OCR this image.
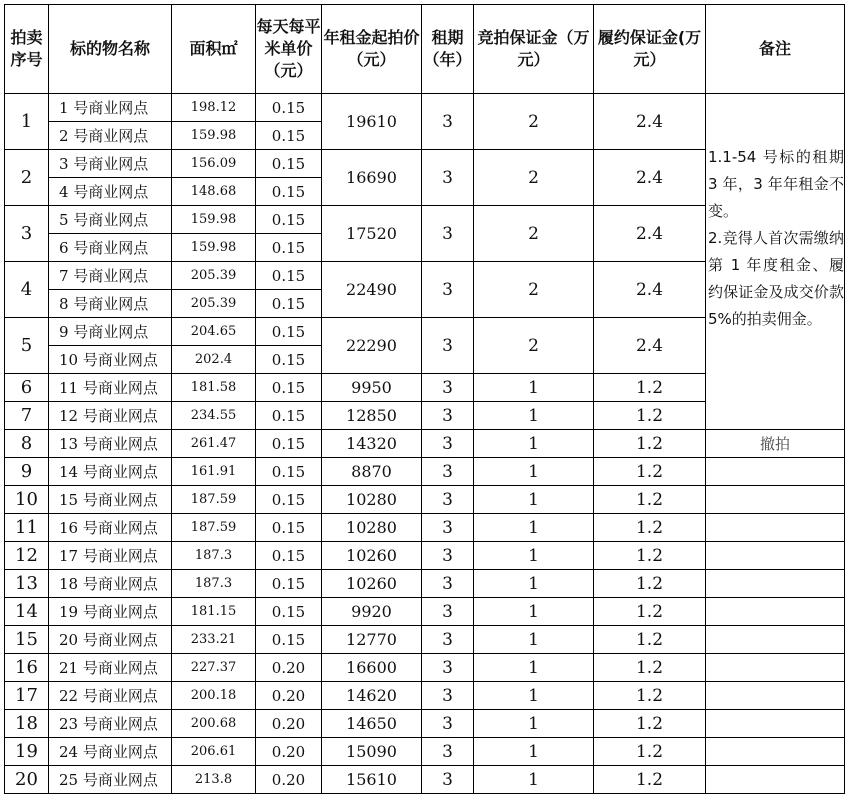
拍卖序号	标的物名称	面积㎡	每天每平米单价（元）	年租金起拍价（元）	租期（年）	竞拍保证金（万元）	履约保证金(万元）	备注
1	1 号商业网点	198.12	0.15	19610	3	2	2.4	1.1-54 号标的租期 3 年，3 年年租金不变。

2.竞得人首次需缴纳第 1 年度租金、履约保证金及成交价款 5%的拍卖佣金。

	2 号商业网点	159.98	0.15					
2	3 号商业网点	156.09	0.15	16690	3	2	2.4	
	4 号商业网点	148.68	0.15					
3	5 号商业网点	159.98	0.15	17520	3	2	2.4	
	6 号商业网点	159.98	0.15					
4	7 号商业网点	205.39	0.15	22490	3	2	2.4	
	8 号商业网点	205.39	0.15					
5	9 号商业网点	204.65	0.15	22290	3	2	2.4	
	10 号商业网点	202.4	0.15					
6	11 号商业网点	181.58	0.15	9950	3	1	1.2	
7	12 号商业网点	234.55	0.15	12850	3	1	1.2	
8	13 号商业网点	261.47	0.15	14320	3	1	1.2	撤拍
9	14 号商业网点	161.91	0.15	8870	3	1	1.2	
10	15 号商业网点	187.59	0.15	10280	3	1	1.2	
11	16 号商业网点	187.59	0.15	10280	3	1	1.2	
12	17 号商业网点	187.3	0.15	10260	3	1	1.2	
13	18 号商业网点	187.3	0.15	10260	3	1	1.2	
14	19 号商业网点	181.15	0.15	9920	3	1	1.2	
15	20 号商业网点	233.21	0.15	12770	3	1	1.2	
16	21 号商业网点	227.37	0.20	16600	3	1	1.2	
17	22 号商业网点	200.18	0.20	14620	3	1	1.2	
18	23 号商业网点	200.68	0.20	14650	3	1	1.2	
19	24 号商业网点	206.61	0.20	15090	3	1	1.2	
20	25 号商业网点	213.8	0.20	15610	3	1	1.2	
